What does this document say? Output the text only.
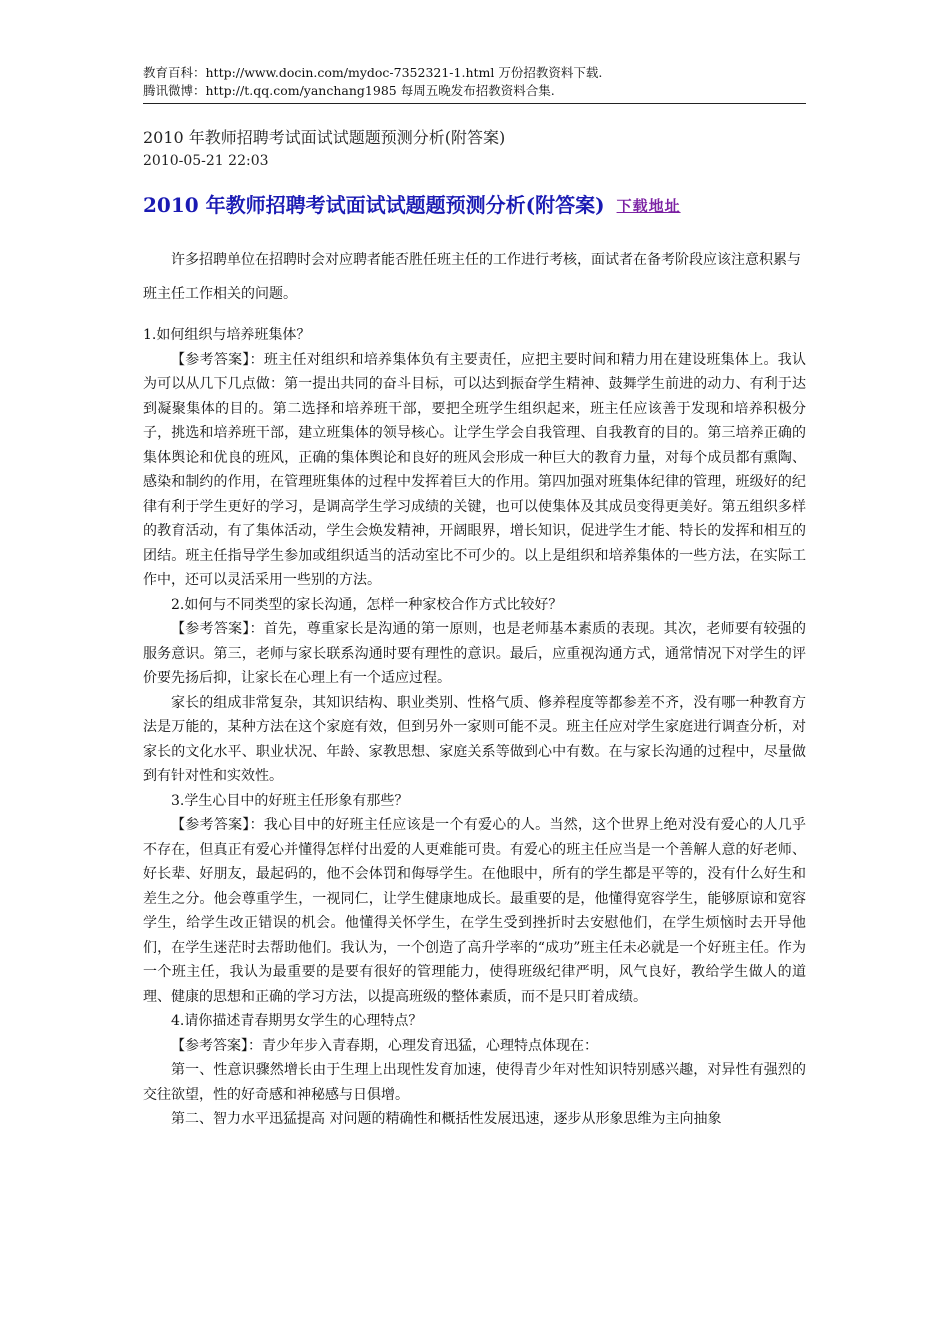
教育百科：http://www.docin.com/mydoc-7352321-1.html 万份招教资料下载.
腾讯微博：http://t.qq.com/yanchang1985 每周五晚发布招教资料合集.
2010 年教师招聘考试面试试题题预测分析(附答案)
2010-05-21 22:03
2010 年教师招聘考试面试试题题预测分析(附答案) 下载地址
许多招聘单位在招聘时会对应聘者能否胜任班主任的工作进行考核，面试者在备考阶段应该注意积累与班主任工作相关的问题。

1.如何组织与培养班集体？

【参考答案】：班主任对组织和培养集体负有主要责任，应把主要时间和精力用在建设班集体上。我认为可以从几下几点做：第一提出共同的奋斗目标，可以达到振奋学生精神、鼓舞学生前进的动力、有利于达到凝聚集体的目的。第二选择和培养班干部，要把全班学生组织起来，班主任应该善于发现和培养积极分子，挑选和培养班干部，建立班集体的领导核心。让学生学会自我管理、自我教育的目的。第三培养正确的集体舆论和优良的班风，正确的集体舆论和良好的班风会形成一种巨大的教育力量，对每个成员都有熏陶、感染和制约的作用，在管理班集体的过程中发挥着巨大的作用。第四加强对班集体纪律的管理，班级好的纪律有利于学生更好的学习，是调高学生学习成绩的关键，也可以使集体及其成员变得更美好。第五组织多样的教育活动，有了集体活动，学生会焕发精神，开阔眼界，增长知识，促进学生才能、特长的发挥和相互的团结。班主任指导学生参加或组织适当的活动室比不可少的。以上是组织和培养集体的一些方法，在实际工作中，还可以灵活采用一些别的方法。

2.如何与不同类型的家长沟通，怎样一种家校合作方式比较好？

【参考答案】：首先，尊重家长是沟通的第一原则，也是老师基本素质的表现。其次，老师要有较强的服务意识。第三，老师与家长联系沟通时要有理性的意识。最后，应重视沟通方式，通常情况下对学生的评价要先扬后抑，让家长在心理上有一个适应过程。

家长的组成非常复杂，其知识结构、职业类别、性格气质、修养程度等都参差不齐，没有哪一种教育方法是万能的，某种方法在这个家庭有效，但到另外一家则可能不灵。班主任应对学生家庭进行调查分析，对家长的文化水平、职业状况、年龄、家教思想、家庭关系等做到心中有数。在与家长沟通的过程中，尽量做到有针对性和实效性。

3.学生心目中的好班主任形象有那些？

【参考答案】：我心目中的好班主任应该是一个有爱心的人。当然，这个世界上绝对没有爱心的人几乎不存在，但真正有爱心并懂得怎样付出爱的人更难能可贵。有爱心的班主任应当是一个善解人意的好老师、好长辈、好朋友，最起码的，他不会体罚和侮辱学生。在他眼中，所有的学生都是平等的，没有什么好生和差生之分。他会尊重学生，一视同仁，让学生健康地成长。最重要的是，他懂得宽容学生，能够原谅和宽容学生，给学生改正错误的机会。他懂得关怀学生，在学生受到挫折时去安慰他们，在学生烦恼时去开导他们，在学生迷茫时去帮助他们。我认为，一个创造了高升学率的“成功”班主任未必就是一个好班主任。作为一个班主任，我认为最重要的是要有很好的管理能力，使得班级纪律严明，风气良好，教给学生做人的道理、健康的思想和正确的学习方法，以提高班级的整体素质，而不是只盯着成绩。

4.请你描述青春期男女学生的心理特点？

【参考答案】：青少年步入青春期，心理发育迅猛，心理特点体现在：

第一、性意识骤然增长由于生理上出现性发育加速，使得青少年对性知识特别感兴趣，对异性有强烈的交往欲望，性的好奇感和神秘感与日俱增。

第二、智力水平迅猛提高 对问题的精确性和概括性发展迅速，逐步从形象思维为主向抽象
